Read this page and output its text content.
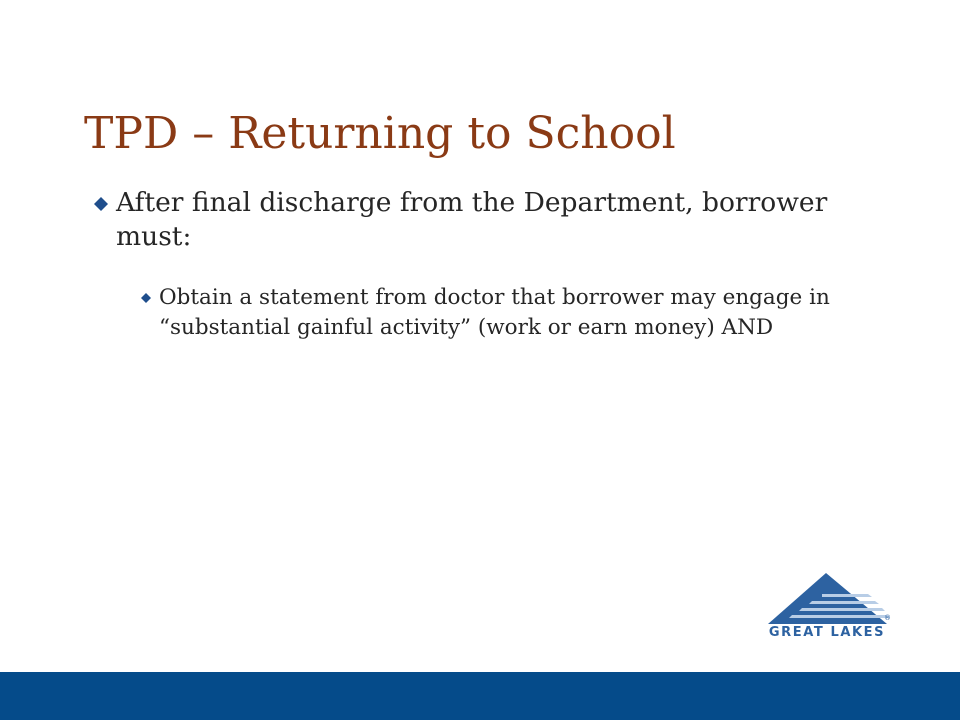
TPD – Returning to School
After final discharge from the Department, borrower must:
Obtain a statement from doctor that borrower may engage in “substantial gainful activity” (work or earn money) AND
®
GREAT LAKES
